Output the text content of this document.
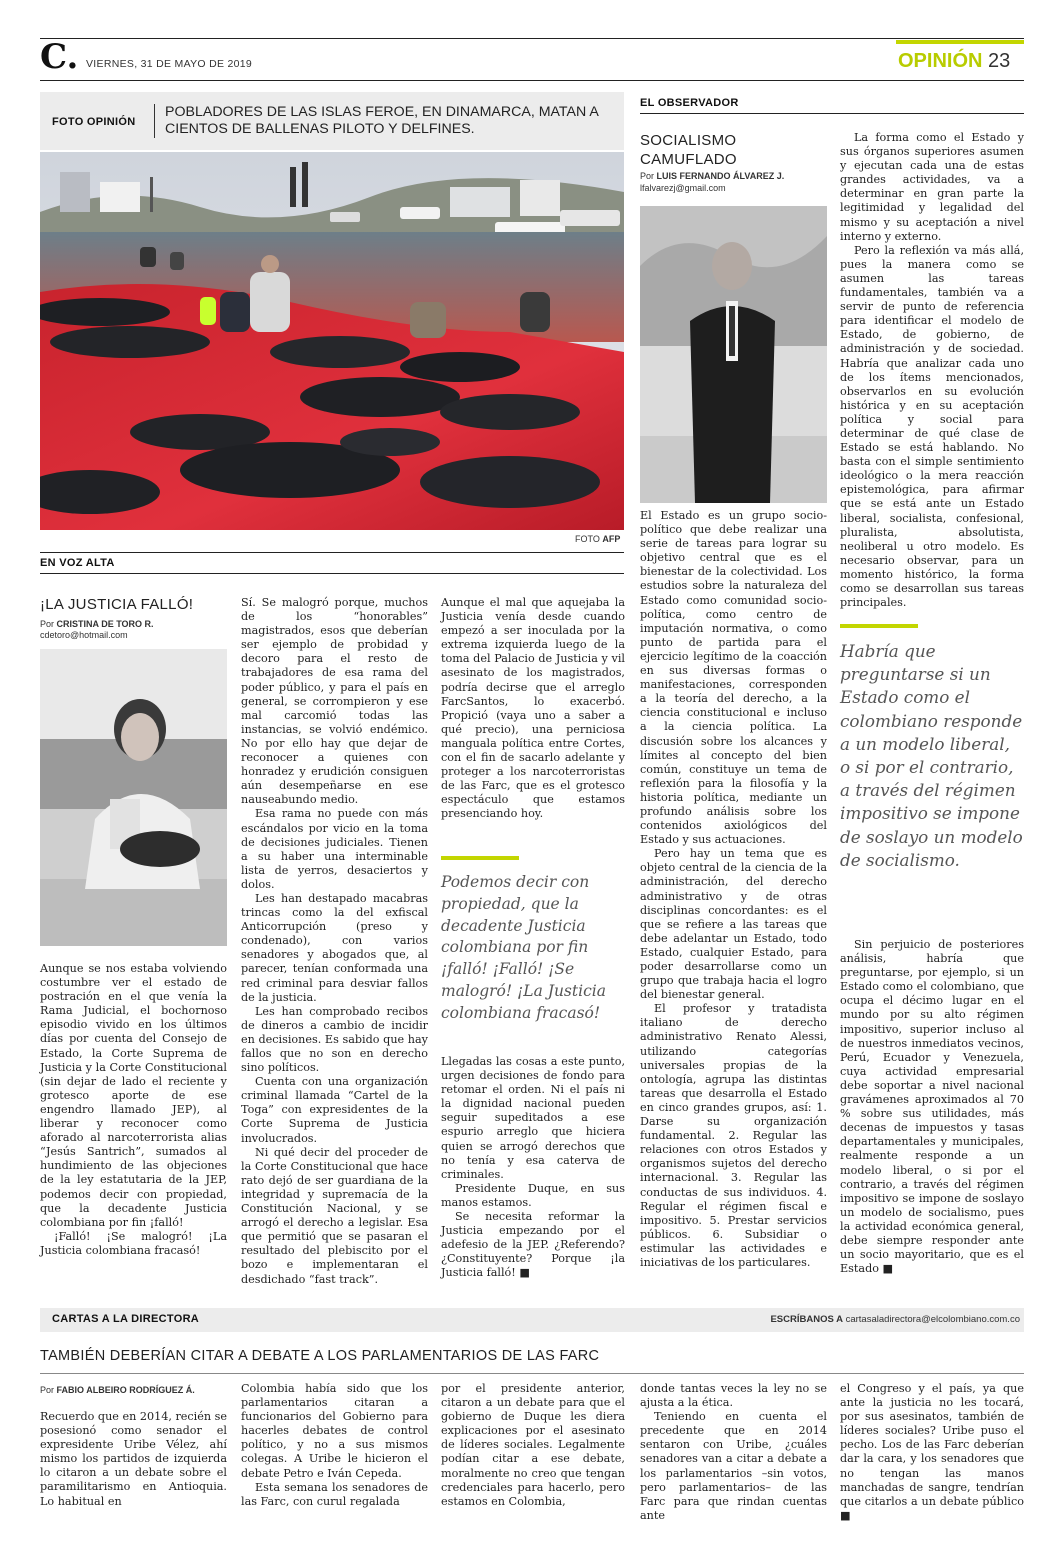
C. VIERNES, 31 DE MAYO DE 2019	OPINIÓN 23
FOTO OPINIÓN
POBLADORES DE LAS ISLAS FEROE, EN DINAMARCA, MATAN A CIENTOS DE BALLENAS PILOTO Y DELFINES.
FOTO AFP
EN VOZ ALTA
¡LA JUSTICIA FALLÓ!
Por CRISTINA DE TORO R.
cdetoro@hotmail.com

Aunque se nos estaba volviendo costumbre ver el estado de postración en el que venía la Rama Judicial, el bochornoso episodio vivido en los últimos días por cuenta del Consejo de Estado, la Corte Suprema de Justicia y la Corte Constitucional (sin dejar de lado el reciente y grotesco aporte de ese engendro llamado JEP), al liberar y reconocer como aforado al narcoterrorista alias “Jesús Santrich”, sumados al hundimiento de las objeciones de la ley estatutaria de la JEP, podemos decir con propiedad, que la decadente Justicia colombiana por fin ¡falló!

¡Falló! ¡Se malogró! ¡La Justicia colombiana fracasó!

Sí. Se malogró porque, muchos de los “honorables” magistrados, esos que deberían ser ejemplo de probidad y decoro para el resto de trabajadores de esa rama del poder público, y para el país en general, se corrompieron y ese mal carcomió todas las instancias, se volvió endémico. No por ello hay que dejar de reconocer a quienes con honradez y erudición consiguen aún desempeñarse en ese nauseabundo medio.

Esa rama no puede con más escándalos por vicio en la toma de decisiones judiciales. Tienen a su haber una interminable lista de yerros, desaciertos y dolos.

Les han destapado macabras trincas como la del exfiscal Anticorrupción (preso y condenado), con varios senadores y abogados que, al parecer, tenían conformada una red criminal para desviar fallos de la justicia.

Les han comprobado recibos de dineros a cambio de incidir en decisiones. Es sabido que hay fallos que no son en derecho sino políticos.

Cuenta con una organización criminal llamada “Cartel de la Toga” con expresidentes de la Corte Suprema de Justicia involucrados.

Ni qué decir del proceder de la Corte Constitucional que hace rato dejó de ser guardiana de la integridad y supremacía de la Constitución Nacional, y se arrogó el derecho a legislar. Esa que permitió que se pasaran el resultado del plebiscito por el bozo e implementaran el desdichado “fast track”.

Aunque el mal que aquejaba la Justicia venía desde cuando empezó a ser inoculada por la extrema izquierda luego de la toma del Palacio de Justicia y vil asesinato de los magistrados, podría decirse que el arreglo FarcSantos, lo exacerbó. Propició (vaya uno a saber a qué precio), una perniciosa manguala política entre Cortes, con el fin de sacarlo adelante y proteger a los narcoterroristas de las Farc, que es el grotesco espectáculo que estamos presenciando hoy.

Podemos decir con propiedad, que la decadente Justicia colombiana por fin ¡falló! ¡Falló! ¡Se malogró! ¡La Justicia colombiana fracasó!

Llegadas las cosas a este punto, urgen decisiones de fondo para retomar el orden. Ni el país ni la dignidad nacional pueden seguir supeditados a ese espurio arreglo que hiciera quien se arrogó derechos que no tenía y esa caterva de criminales.

Presidente Duque, en sus manos estamos.

Se necesita reformar la Justicia empezando por el adefesio de la JEP. ¿Referendo? ¿Constituyente? Porque ¡la Justicia falló! ■

EL OBSERVADOR
SOCIALISMO
CAMUFLADO
Por LUIS FERNANDO ÁLVAREZ J.
lfalvarezj@gmail.com

El Estado es un grupo socio-político que debe realizar una serie de tareas para lograr su objetivo central que es el bienestar de la colectividad. Los estudios sobre la naturaleza del Estado como comunidad socio-política, como centro de imputación normativa, o como punto de partida para el ejercicio legítimo de la coacción en sus diversas formas o manifestaciones, corresponden a la teoría del derecho, a la ciencia constitucional e incluso a la ciencia política. La discusión sobre los alcances y límites al concepto del bien común, constituye un tema de reflexión para la filosofía y la historia política, mediante un profundo análisis sobre los contenidos axiológicos del Estado y sus actuaciones.

Pero hay un tema que es objeto central de la ciencia de la administración, del derecho administrativo y de otras disciplinas concordantes: es el que se refiere a las tareas que debe adelantar un Estado, todo Estado, cualquier Estado, para poder desarrollarse como un grupo que trabaja hacia el logro del bienestar general.

El profesor y tratadista italiano de derecho administrativo Renato Alessi, utilizando categorías universales propias de la ontología, agrupa las distintas tareas que desarrolla el Estado en cinco grandes grupos, así: 1. Darse su organización fundamental. 2. Regular las relaciones con otros Estados y organismos sujetos del derecho internacional. 3. Regular las conductas de sus individuos. 4. Regular el régimen fiscal e impositivo. 5. Prestar servicios públicos. 6. Subsidiar o estimular las actividades e iniciativas de los particulares.

La forma como el Estado y sus órganos superiores asumen y ejecutan cada una de estas grandes actividades, va a determinar en gran parte la legitimidad y legalidad del mismo y su aceptación a nivel interno y externo.

Pero la reflexión va más allá, pues la manera como se asumen las tareas fundamentales, también va a servir de punto de referencia para identificar el modelo de Estado, de gobierno, de administración y de sociedad. Habría que analizar cada uno de los ítems mencionados, observarlos en su evolución histórica y en su aceptación política y social para determinar de qué clase de Estado se está hablando. No basta con el simple sentimiento ideológico o la mera reacción epistemológica, para afirmar que se está ante un Estado liberal, socialista, confesional, pluralista, absolutista, neoliberal u otro modelo. Es necesario observar, para un momento histórico, la forma como se desarrollan sus tareas principales.

Habría que preguntarse si un Estado como el colombiano responde a un modelo liberal, o si por el contrario, a través del régimen impositivo se impone de soslayo un modelo de socialismo.

Sin perjuicio de posteriores análisis, habría que preguntarse, por ejemplo, si un Estado como el colombiano, que ocupa el décimo lugar en el mundo por su alto régimen impositivo, superior incluso al de nuestros inmediatos vecinos, Perú, Ecuador y Venezuela, cuya actividad empresarial debe soportar a nivel nacional gravámenes aproximados al 70 % sobre sus utilidades, más decenas de impuestos y tasas departamentales y municipales, realmente responde a un modelo liberal, o si por el contrario, a través del régimen impositivo se impone de soslayo un modelo de socialismo, pues la actividad económica general, debe siempre responder ante un socio mayoritario, que es el Estado ■

CARTAS A LA DIRECTORA	ESCRÍBANOS A cartasaladirectora@elcolombiano.com.co
TAMBIÉN DEBERÍAN CITAR A DEBATE A LOS PARLAMENTARIOS DE LAS FARC
Por FABIO ALBEIRO RODRÍGUEZ Á.

Recuerdo que en 2014, recién se posesionó como senador el expresidente Uribe Vélez, ahí mismo los partidos de izquierda lo citaron a un debate sobre el paramilitarismo en Antioquia. Lo habitual en

Colombia había sido que los parlamentarios citaran a funcionarios del Gobierno para hacerles debates de control político, y no a sus mismos colegas. A Uribe le hicieron el debate Petro e Iván Cepeda.

Esta semana los senadores de las Farc, con curul regalada

por el presidente anterior, citaron a un debate para que el gobierno de Duque les diera explicaciones por el asesinato de líderes sociales. Legalmente podían citar a ese debate, moralmente no creo que tengan credenciales para hacerlo, pero estamos en Colombia,

donde tantas veces la ley no se ajusta a la ética.

Teniendo en cuenta el precedente que en 2014 sentaron con Uribe, ¿cuáles senadores van a citar a debate a los parlamentarios –sin votos, pero parlamentarios– de las Farc para que rindan cuentas ante

el Congreso y el país, ya que ante la justicia no les tocará, por sus asesinatos, también de líderes sociales? Uribe puso el pecho. Los de las Farc deberían dar la cara, y los senadores que no tengan las manos manchadas de sangre, tendrían que citarlos a un debate público ■
